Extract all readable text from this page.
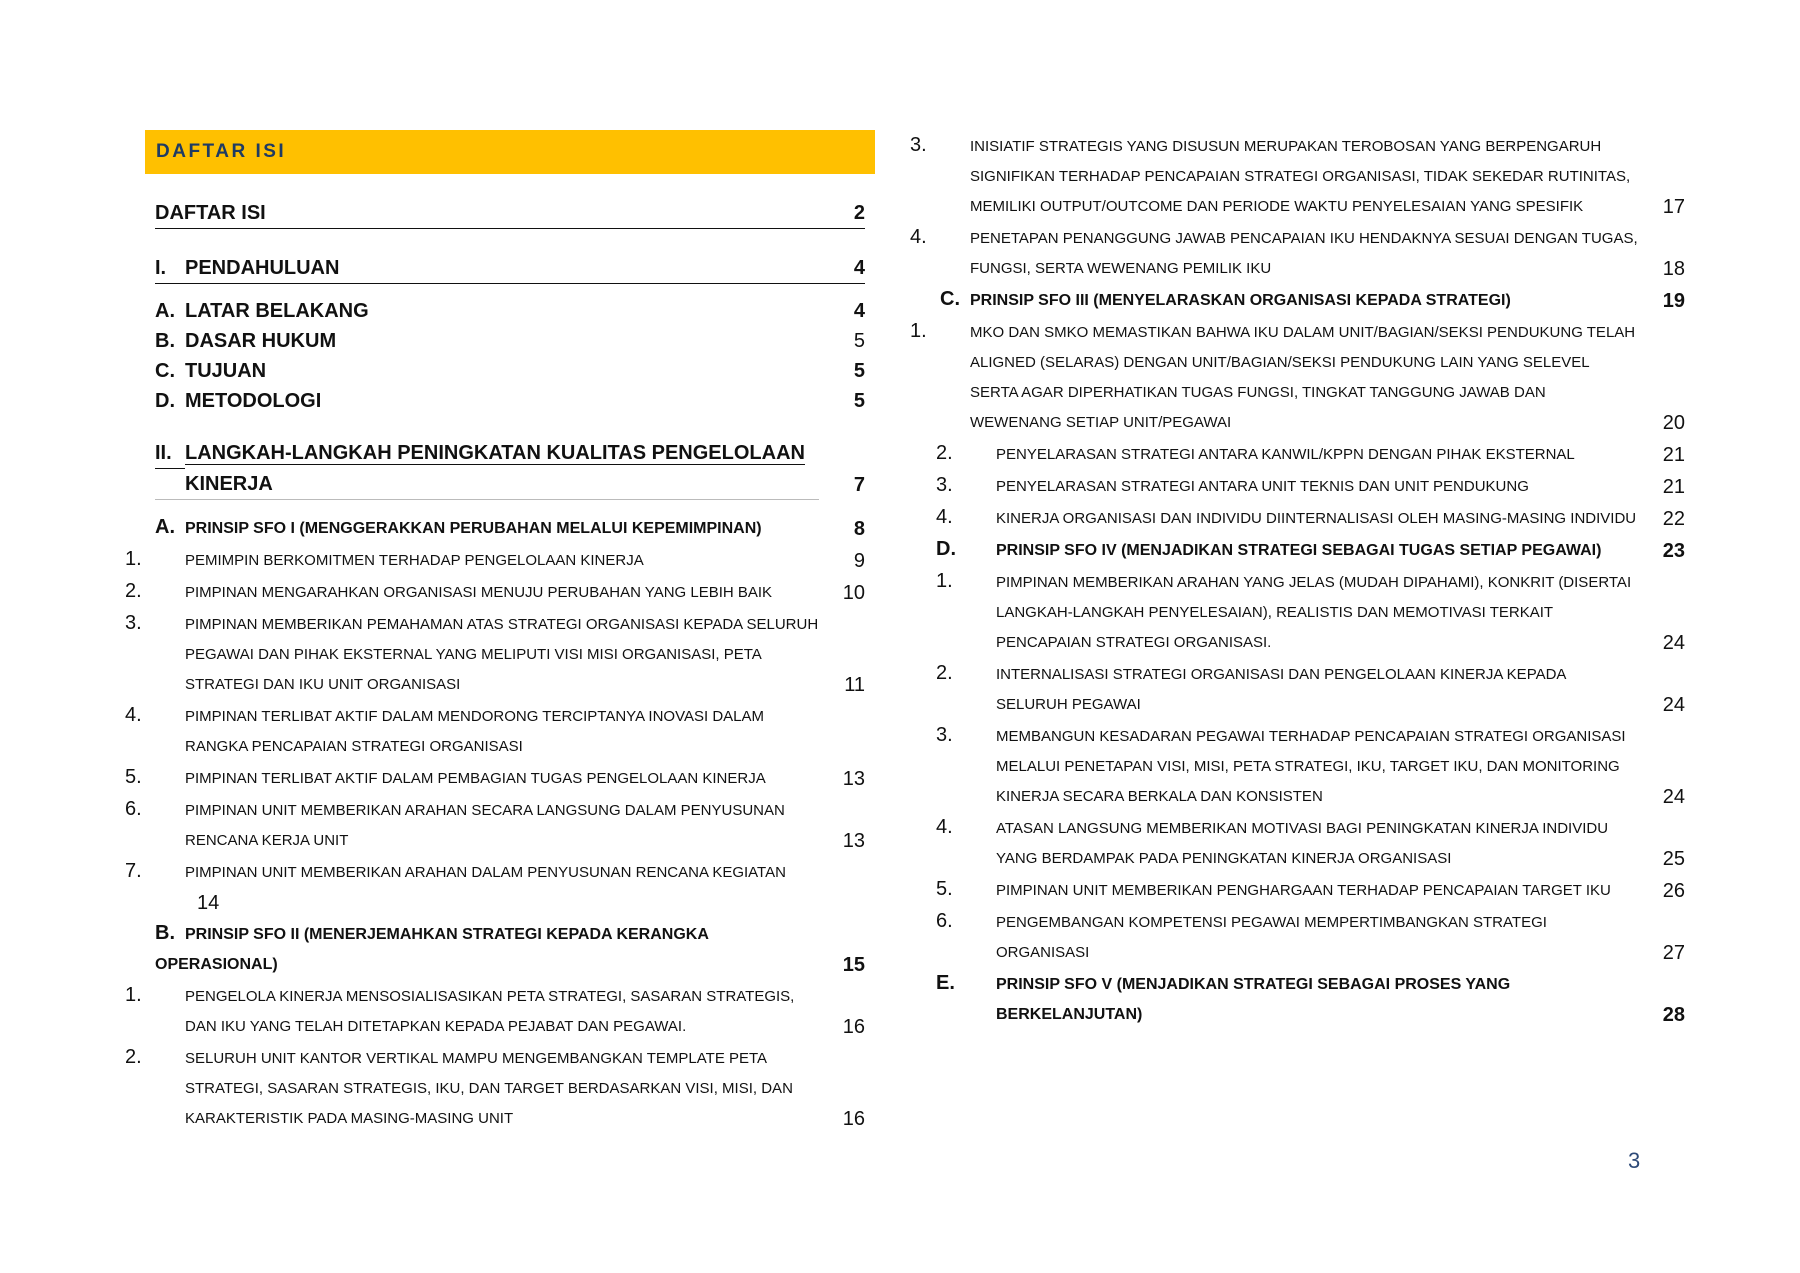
DAFTAR ISI
DAFTAR ISI	2
I. PENDAHULUAN	4
A. LATAR BELAKANG	4
B. DASAR HUKUM	5
C. TUJUAN	5
D. METODOLOGI	5
II. LANGKAH-LANGKAH PENINGKATAN KUALITAS PENGELOLAAN
KINERJA	7
A. PRINSIP SFO I (MENGGERAKKAN PERUBAHAN MELALUI KEPEMIMPINAN)	8
1.	PEMIMPIN BERKOMITMEN TERHADAP PENGELOLAAN KINERJA	9
2.	PIMPINAN MENGARAHKAN ORGANISASI MENUJU PERUBAHAN YANG LEBIH BAIK	10
3.	PIMPINAN MEMBERIKAN PEMAHAMAN ATAS STRATEGI ORGANISASI KEPADA SELURUH PEGAWAI DAN PIHAK EKSTERNAL YANG MELIPUTI VISI MISI ORGANISASI, PETA STRATEGI DAN IKU UNIT ORGANISASI	11
4.	PIMPINAN TERLIBAT AKTIF DALAM MENDORONG TERCIPTANYA INOVASI DALAM RANGKA PENCAPAIAN STRATEGI ORGANISASI
5.	PIMPINAN TERLIBAT AKTIF DALAM PEMBAGIAN TUGAS PENGELOLAAN KINERJA	13
6.	PIMPINAN UNIT MEMBERIKAN ARAHAN SECARA LANGSUNG DALAM PENYUSUNAN RENCANA KERJA UNIT	13
7.	PIMPINAN UNIT MEMBERIKAN ARAHAN DALAM PENYUSUNAN RENCANA KEGIATAN
14
B. PRINSIP SFO II (MENERJEMAHKAN STRATEGI KEPADA KERANGKA OPERASIONAL)	15
1.	PENGELOLA KINERJA MENSOSIALISASIKAN PETA STRATEGI, SASARAN STRATEGIS, DAN IKU YANG TELAH DITETAPKAN KEPADA PEJABAT DAN PEGAWAI.	16
2.	SELURUH UNIT KANTOR VERTIKAL MAMPU MENGEMBANGKAN TEMPLATE PETA STRATEGI, SASARAN STRATEGIS, IKU, DAN TARGET BERDASARKAN VISI, MISI, DAN KARAKTERISTIK PADA MASING-MASING UNIT	16
3.	INISIATIF STRATEGIS YANG DISUSUN MERUPAKAN TEROBOSAN YANG BERPENGARUH SIGNIFIKAN TERHADAP PENCAPAIAN STRATEGI ORGANISASI, TIDAK SEKEDAR RUTINITAS, MEMILIKI OUTPUT/OUTCOME DAN PERIODE WAKTU PENYELESAIAN YANG SPESIFIK	17
4.	PENETAPAN PENANGGUNG JAWAB PENCAPAIAN IKU HENDAKNYA SESUAI DENGAN TUGAS, FUNGSI, SERTA WEWENANG PEMILIK IKU	18
C. PRINSIP SFO III (MENYELARASKAN ORGANISASI KEPADA STRATEGI)	19
1.	MKO DAN SMKO MEMASTIKAN BAHWA IKU DALAM UNIT/BAGIAN/SEKSI PENDUKUNG TELAH ALIGNED (SELARAS) DENGAN UNIT/BAGIAN/SEKSI PENDUKUNG LAIN YANG SELEVEL SERTA AGAR DIPERHATIKAN TUGAS FUNGSI, TINGKAT TANGGUNG JAWAB DAN WEWENANG SETIAP UNIT/PEGAWAI	20
2.	PENYELARASAN STRATEGI ANTARA KANWIL/KPPN DENGAN PIHAK EKSTERNAL	21
3.	PENYELARASAN STRATEGI ANTARA UNIT TEKNIS DAN UNIT PENDUKUNG	21
4.	KINERJA ORGANISASI DAN INDIVIDU DIINTERNALISASI OLEH MASING-MASING INDIVIDU 22
D.	PRINSIP SFO IV (MENJADIKAN STRATEGI SEBAGAI TUGAS SETIAP PEGAWAI)	23
1.	PIMPINAN MEMBERIKAN ARAHAN YANG JELAS (MUDAH DIPAHAMI), KONKRIT (DISERTAI LANGKAH-LANGKAH PENYELESAIAN), REALISTIS DAN MEMOTIVASI TERKAIT PENCAPAIAN STRATEGI ORGANISASI.	24
2.	INTERNALISASI STRATEGI ORGANISASI DAN PENGELOLAAN KINERJA KEPADA SELURUH PEGAWAI	24
3.	MEMBANGUN KESADARAN PEGAWAI TERHADAP PENCAPAIAN STRATEGI ORGANISASI MELALUI PENETAPAN VISI, MISI, PETA STRATEGI, IKU, TARGET IKU, DAN MONITORING KINERJA SECARA BERKALA DAN KONSISTEN	24
4.	ATASAN LANGSUNG MEMBERIKAN MOTIVASI BAGI PENINGKATAN KINERJA INDIVIDU YANG BERDAMPAK PADA PENINGKATAN KINERJA ORGANISASI	25
5.	PIMPINAN UNIT MEMBERIKAN PENGHARGAAN TERHADAP PENCAPAIAN TARGET IKU	26
6.	PENGEMBANGAN KOMPETENSI PEGAWAI MEMPERTIMBANGKAN STRATEGI ORGANISASI	27
E.	PRINSIP SFO V (MENJADIKAN STRATEGI SEBAGAI PROSES YANG BERKELANJUTAN)	28
3
